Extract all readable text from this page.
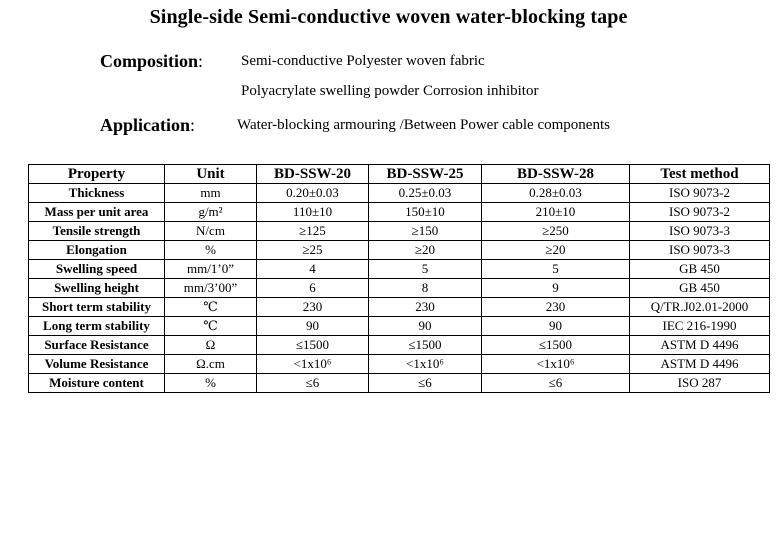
Single-side Semi-conductive woven water-blocking tape
Composition:	Semi-conductive Polyester woven fabric
Polyacrylate swelling powder Corrosion inhibitor
Application:	Water-blocking armouring /Between Power cable components
Property	Unit	BD-SSW-20	BD-SSW-25	BD-SSW-28	Test method
Thickness	mm	0.20±0.03	0.25±0.03	0.28±0.03	ISO 9073-2
Mass per unit area	g/m²	110±10	150±10	210±10	ISO 9073-2
Tensile strength	N/cm	≥125	≥150	≥250	ISO 9073-3
Elongation	%	≥25	≥20	≥20	ISO 9073-3
Swelling speed	mm/1’0”	4	5	5	GB 450
Swelling height	mm/3’00”	6	8	9	GB 450
Short term stability	℃	230	230	230	Q/TR.J02.01-2000
Long term stability	℃	90	90	90	IEC 216-1990
Surface Resistance	Ω	≤1500	≤1500	≤1500	ASTM D 4496
Volume Resistance	Ω.cm	<1x10⁶	<1x10⁶	<1x10⁶	ASTM D 4496
Moisture content	%	≤6	≤6	≤6	ISO 287
